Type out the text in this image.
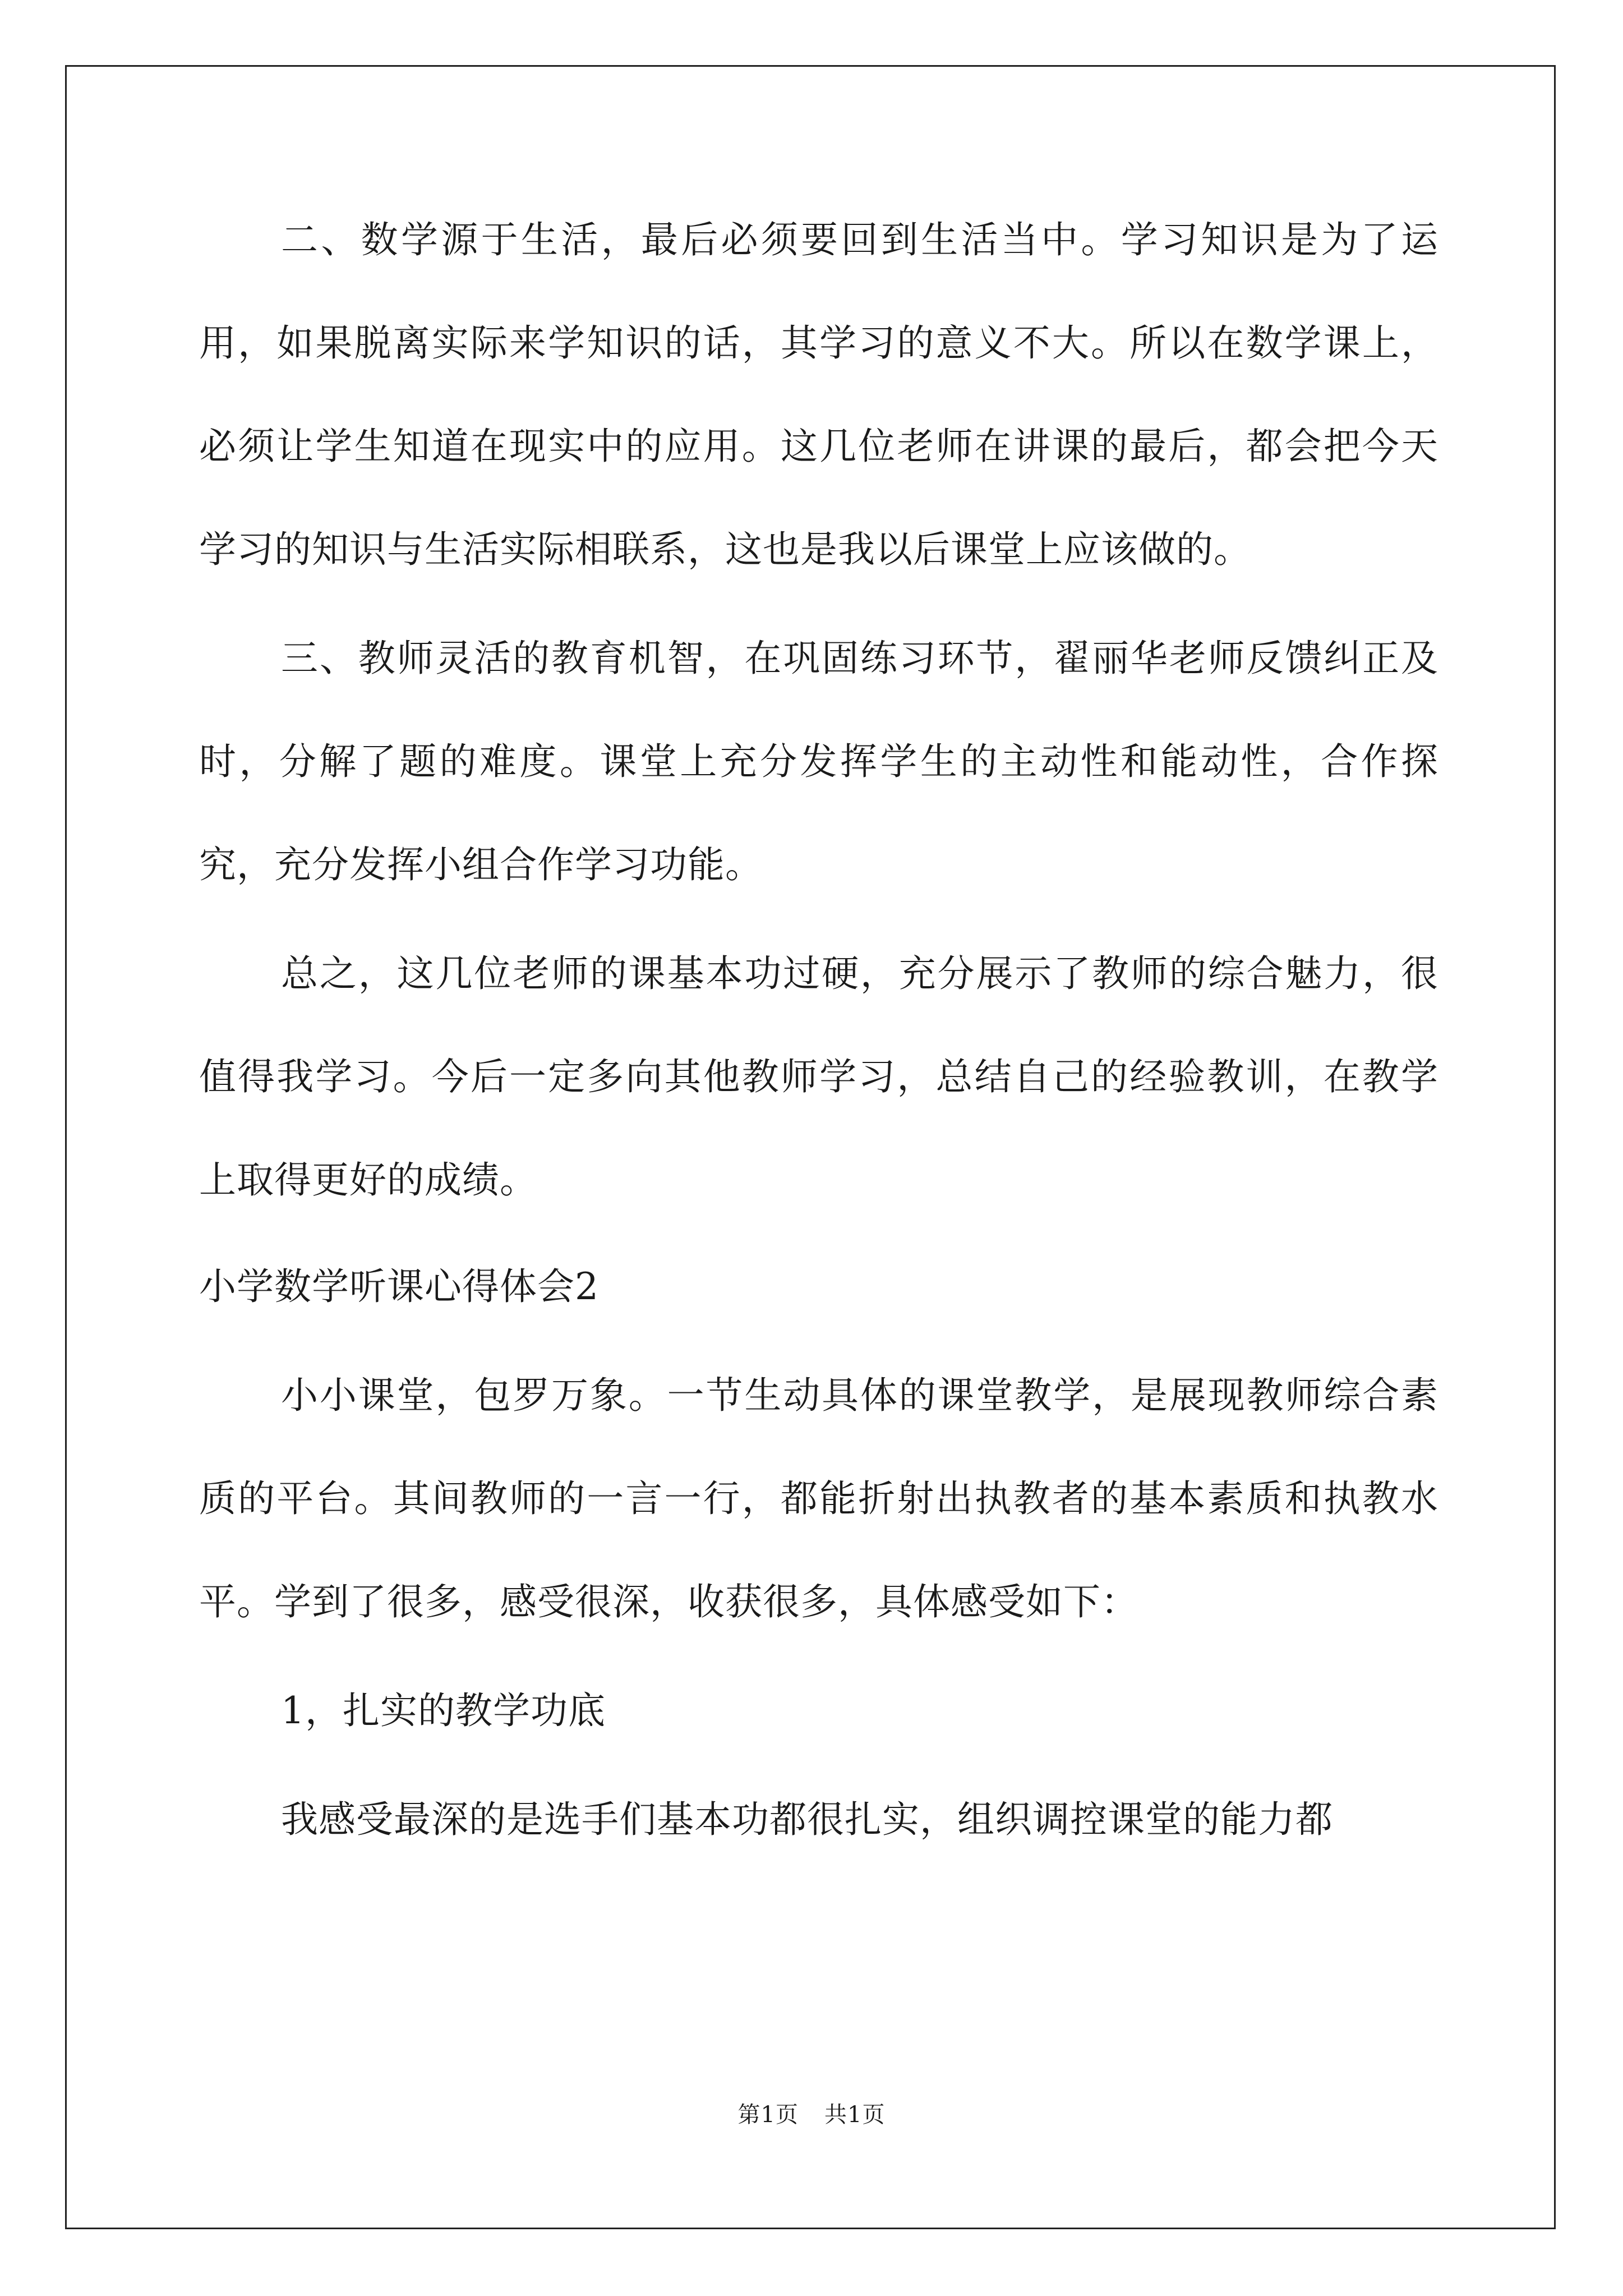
二、数学源于生活，最后必须要回到生活当中。学习知识是为了运用，如果脱离实际来学知识的话，其学习的意义不大。所以在数学课上，必须让学生知道在现实中的应用。这几位老师在讲课的最后，都会把今天学习的知识与生活实际相联系，这也是我以后课堂上应该做的。

三、教师灵活的教育机智，在巩固练习环节，翟丽华老师反馈纠正及时，分解了题的难度。课堂上充分发挥学生的主动性和能动性，合作探究，充分发挥小组合作学习功能。

总之，这几位老师的课基本功过硬，充分展示了教师的综合魅力，很值得我学习。今后一定多向其他教师学习，总结自己的经验教训，在教学上取得更好的成绩。

小学数学听课心得体会2

小小课堂，包罗万象。一节生动具体的课堂教学，是展现教师综合素质的平台。其间教师的一言一行，都能折射出执教者的基本素质和执教水平。学到了很多，感受很深，收获很多，具体感受如下：

1，扎实的教学功底

我感受最深的是选手们基本功都很扎实，组织调控课堂的能力都

第1页 共1页
